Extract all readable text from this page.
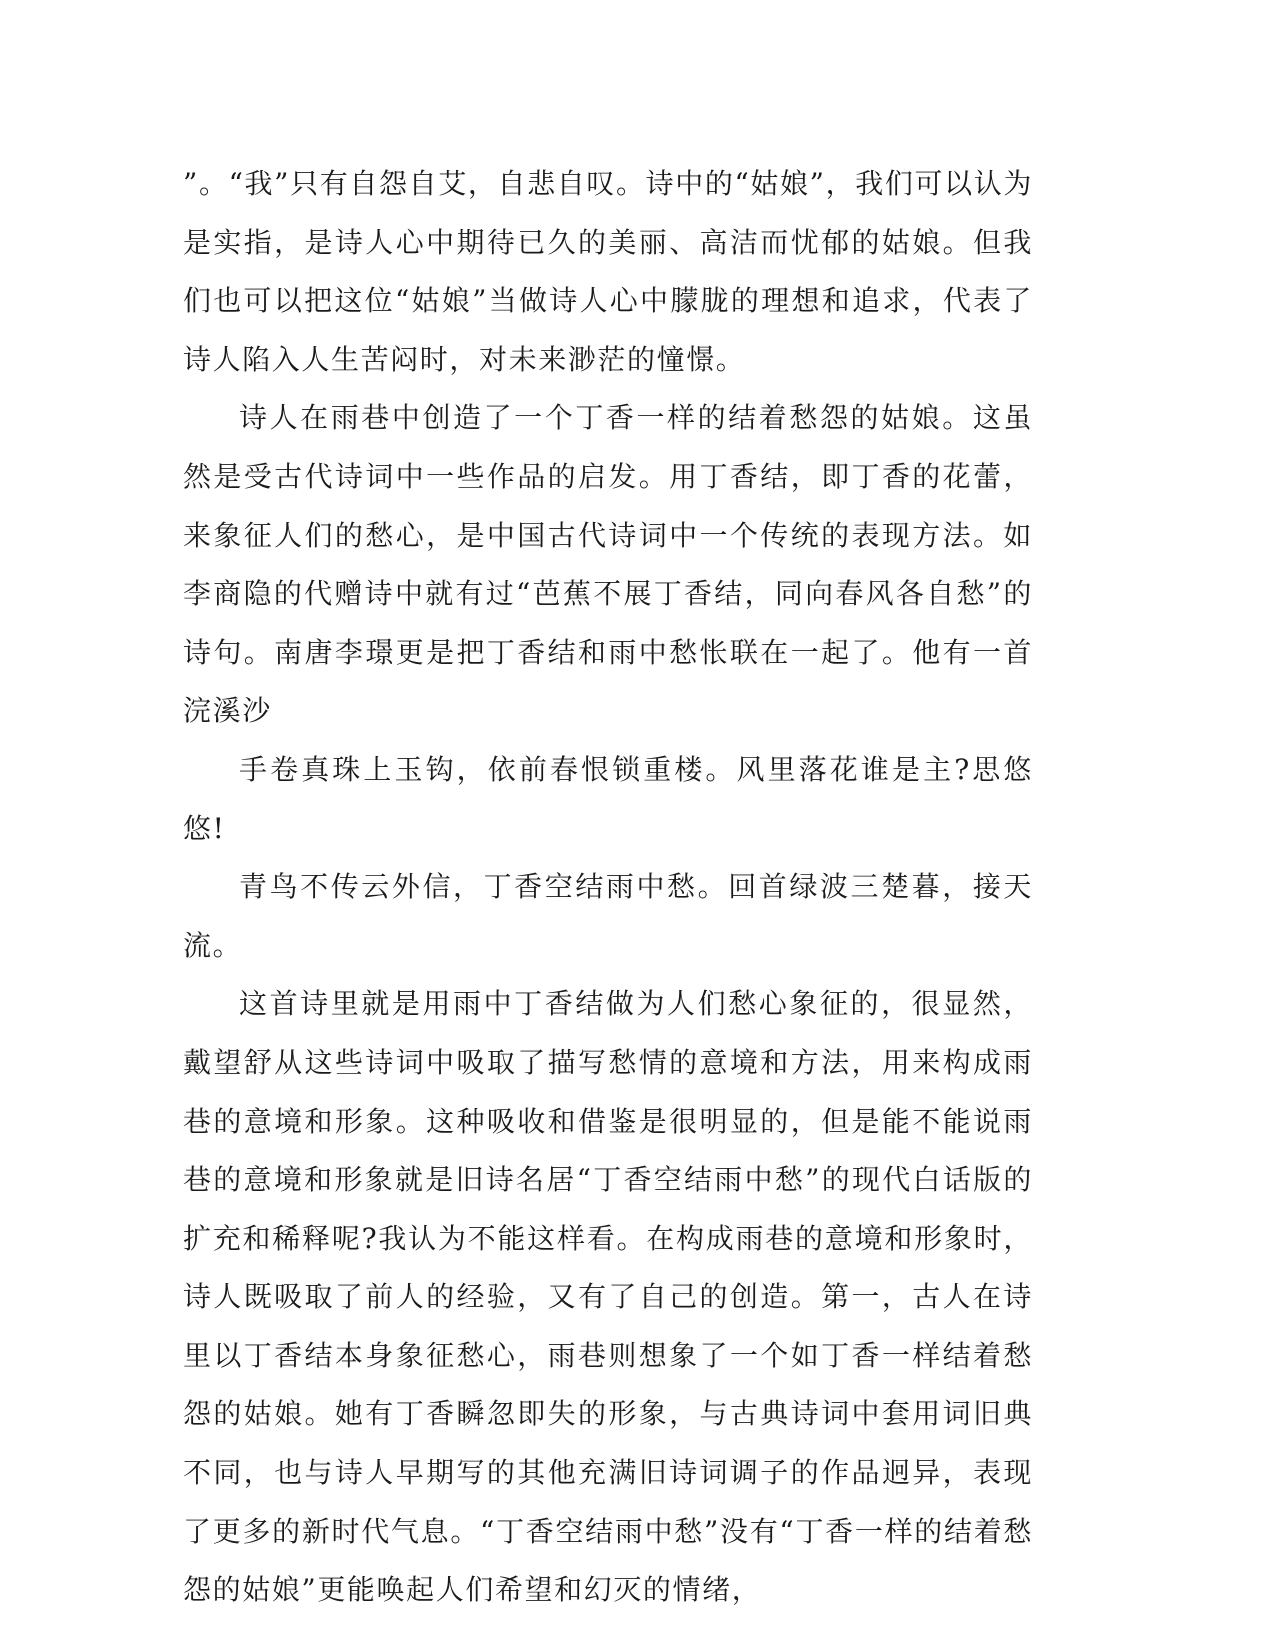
”。“我”只有自怨自艾，自悲自叹。诗中的“姑娘”，我们可以认为是实指，是诗人心中期待已久的美丽、高洁而忧郁的姑娘。但我们也可以把这位“姑娘”当做诗人心中朦胧的理想和追求，代表了诗人陷入人生苦闷时，对未来渺茫的憧憬。

诗人在雨巷中创造了一个丁香一样的结着愁怨的姑娘。这虽然是受古代诗词中一些作品的启发。用丁香结，即丁香的花蕾，来象征人们的愁心，是中国古代诗词中一个传统的表现方法。如李商隐的代赠诗中就有过“芭蕉不展丁香结，同向春风各自愁”的诗句。南唐李璟更是把丁香结和雨中愁怅联在一起了。他有一首浣溪沙

手卷真珠上玉钩，依前春恨锁重楼。风里落花谁是主?思悠悠!

青鸟不传云外信，丁香空结雨中愁。回首绿波三楚暮，接天流。

这首诗里就是用雨中丁香结做为人们愁心象征的，很显然，戴望舒从这些诗词中吸取了描写愁情的意境和方法，用来构成雨巷的意境和形象。这种吸收和借鉴是很明显的，但是能不能说雨巷的意境和形象就是旧诗名居“丁香空结雨中愁”的现代白话版的扩充和稀释呢?我认为不能这样看。在构成雨巷的意境和形象时，诗人既吸取了前人的经验，又有了自己的创造。第一，古人在诗里以丁香结本身象征愁心，雨巷则想象了一个如丁香一样结着愁怨的姑娘。她有丁香瞬忽即失的形象，与古典诗词中套用词旧典不同，也与诗人早期写的其他充满旧诗词调子的作品迥异，表现了更多的新时代气息。“丁香空结雨中愁”没有“丁香一样的结着愁怨的姑娘”更能唤起人们希望和幻灭的情绪，
